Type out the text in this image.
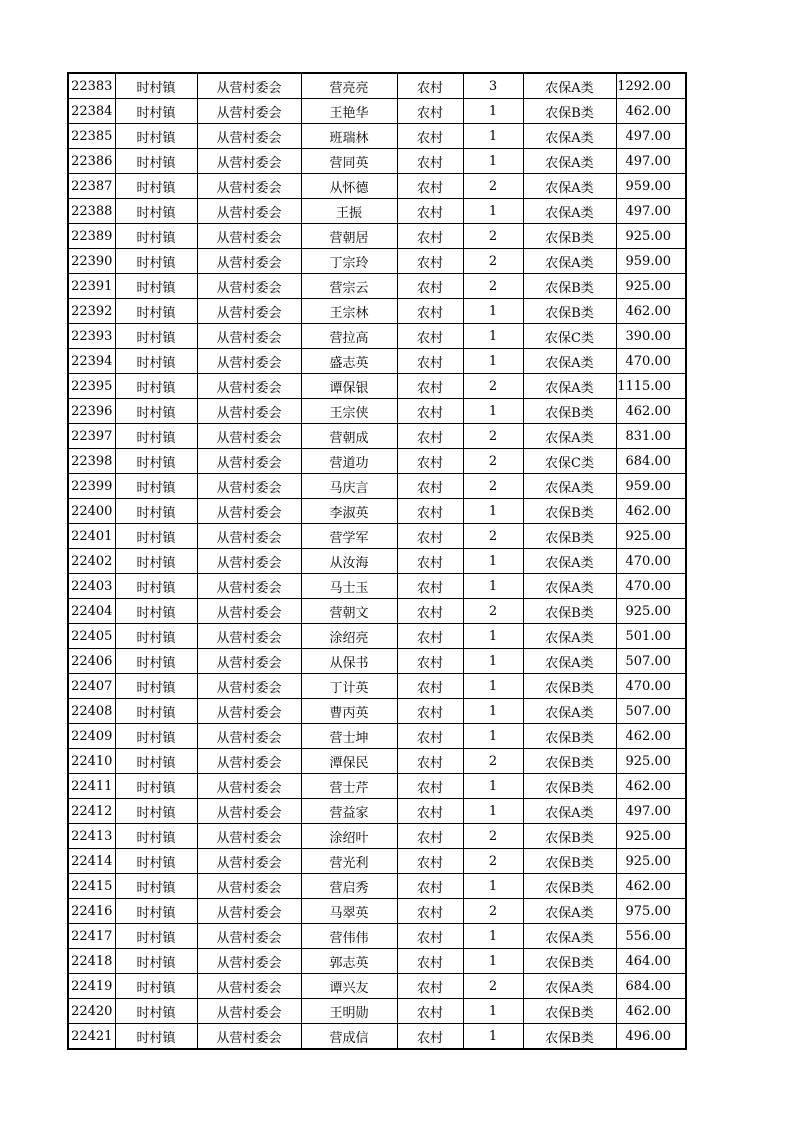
22383	时村镇	从营村委会	营亮亮	农村	3	农保A类	1292.00
22384	时村镇	从营村委会	王艳华	农村	1	农保B类	462.00
22385	时村镇	从营村委会	班瑞林	农村	1	农保A类	497.00
22386	时村镇	从营村委会	营同英	农村	1	农保A类	497.00
22387	时村镇	从营村委会	从怀德	农村	2	农保A类	959.00
22388	时村镇	从营村委会	王振	农村	1	农保A类	497.00
22389	时村镇	从营村委会	营朝居	农村	2	农保B类	925.00
22390	时村镇	从营村委会	丁宗玲	农村	2	农保A类	959.00
22391	时村镇	从营村委会	营宗云	农村	2	农保B类	925.00
22392	时村镇	从营村委会	王宗林	农村	1	农保B类	462.00
22393	时村镇	从营村委会	营拉高	农村	1	农保C类	390.00
22394	时村镇	从营村委会	盛志英	农村	1	农保A类	470.00
22395	时村镇	从营村委会	谭保银	农村	2	农保A类	1115.00
22396	时村镇	从营村委会	王宗侠	农村	1	农保B类	462.00
22397	时村镇	从营村委会	营朝成	农村	2	农保A类	831.00
22398	时村镇	从营村委会	营道功	农村	2	农保C类	684.00
22399	时村镇	从营村委会	马庆言	农村	2	农保A类	959.00
22400	时村镇	从营村委会	李淑英	农村	1	农保B类	462.00
22401	时村镇	从营村委会	营学军	农村	2	农保B类	925.00
22402	时村镇	从营村委会	从汝海	农村	1	农保A类	470.00
22403	时村镇	从营村委会	马士玉	农村	1	农保A类	470.00
22404	时村镇	从营村委会	营朝文	农村	2	农保B类	925.00
22405	时村镇	从营村委会	涂绍亮	农村	1	农保A类	501.00
22406	时村镇	从营村委会	从保书	农村	1	农保A类	507.00
22407	时村镇	从营村委会	丁计英	农村	1	农保B类	470.00
22408	时村镇	从营村委会	曹丙英	农村	1	农保A类	507.00
22409	时村镇	从营村委会	营士坤	农村	1	农保B类	462.00
22410	时村镇	从营村委会	潭保民	农村	2	农保B类	925.00
22411	时村镇	从营村委会	营士芹	农村	1	农保B类	462.00
22412	时村镇	从营村委会	营益家	农村	1	农保A类	497.00
22413	时村镇	从营村委会	涂绍叶	农村	2	农保B类	925.00
22414	时村镇	从营村委会	营光利	农村	2	农保B类	925.00
22415	时村镇	从营村委会	营启秀	农村	1	农保B类	462.00
22416	时村镇	从营村委会	马翠英	农村	2	农保A类	975.00
22417	时村镇	从营村委会	营伟伟	农村	1	农保A类	556.00
22418	时村镇	从营村委会	郭志英	农村	1	农保B类	464.00
22419	时村镇	从营村委会	谭兴友	农村	2	农保A类	684.00
22420	时村镇	从营村委会	王明勋	农村	1	农保B类	462.00
22421	时村镇	从营村委会	营成信	农村	1	农保B类	496.00
